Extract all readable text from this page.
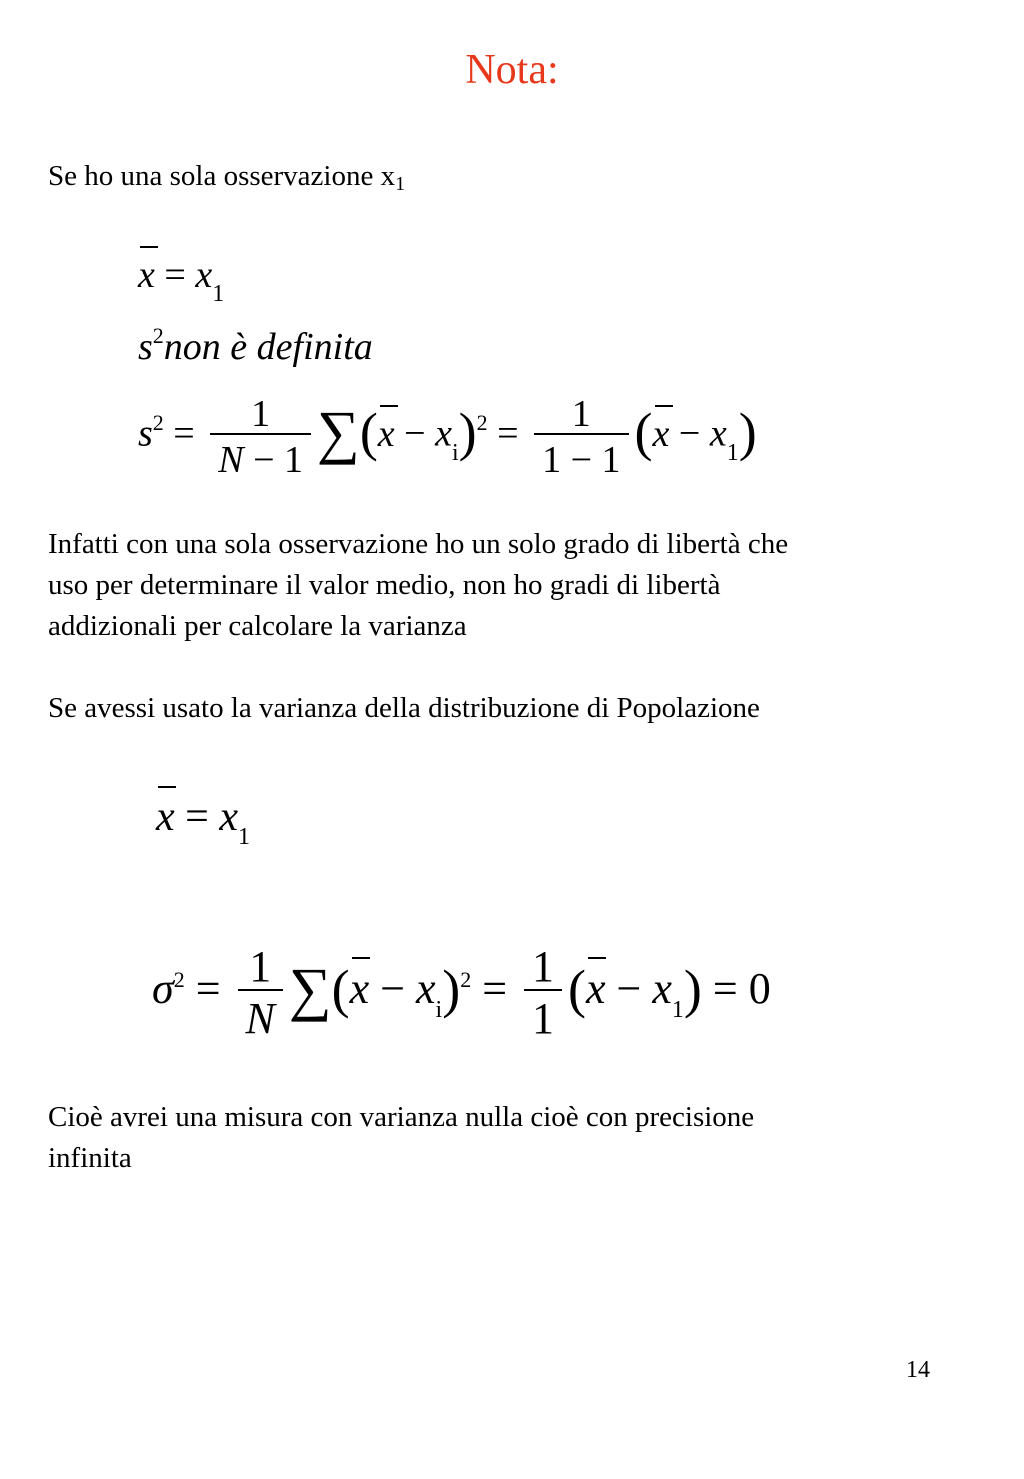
Nota:
Se ho una sola osservazione $x_1$
$x = x_1$
$s^2non$ è definita
$s^2 = \frac{1}{N - 1} \sum(x - x_i)^2 = \frac{1}{1 - 1} (x - x_1)$
Infatti con una sola osservazione ho un solo grado di libertà che
uso per determinare il valor medio, non ho gradi di libertà
addizionali per calcolare la varianza
Se avessi usato la varianza della distribuzione di Popolazione
$x = x_1$
$\sigma^2 = \frac{1}{N} \sum(x - x_i)^2 = \frac{1}{1} (x - x_1) = 0$
Cioè avrei una misura con varianza nulla cioè con precisione
infinita
14
